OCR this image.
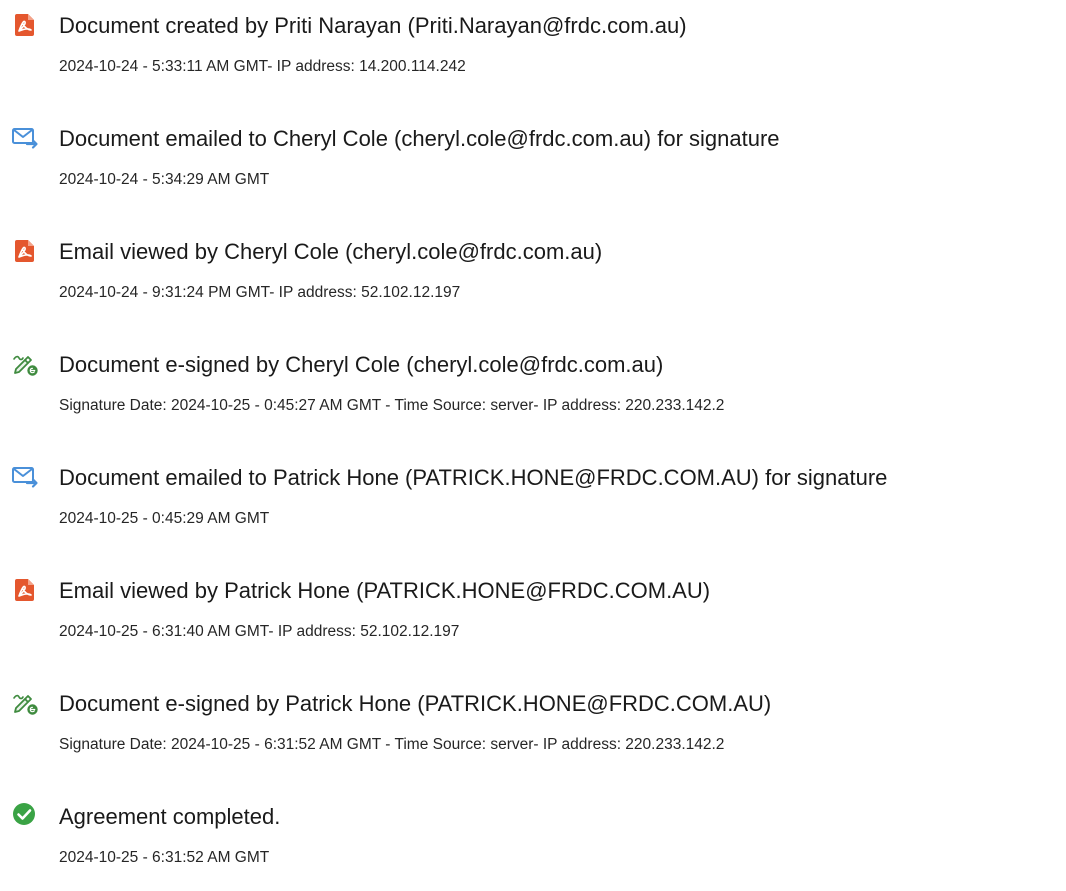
Document created by Priti Narayan (Priti.Narayan@frdc.com.au)
2024-10-24 - 5:33:11 AM GMT- IP address: 14.200.114.242
Document emailed to Cheryl Cole (cheryl.cole@frdc.com.au) for signature
2024-10-24 - 5:34:29 AM GMT
Email viewed by Cheryl Cole (cheryl.cole@frdc.com.au)
2024-10-24 - 9:31:24 PM GMT- IP address: 52.102.12.197
Document e-signed by Cheryl Cole (cheryl.cole@frdc.com.au)
Signature Date: 2024-10-25 - 0:45:27 AM GMT - Time Source: server- IP address: 220.233.142.2
Document emailed to Patrick Hone (PATRICK.HONE@FRDC.COM.AU) for signature
2024-10-25 - 0:45:29 AM GMT
Email viewed by Patrick Hone (PATRICK.HONE@FRDC.COM.AU)
2024-10-25 - 6:31:40 AM GMT- IP address: 52.102.12.197
Document e-signed by Patrick Hone (PATRICK.HONE@FRDC.COM.AU)
Signature Date: 2024-10-25 - 6:31:52 AM GMT - Time Source: server- IP address: 220.233.142.2
Agreement completed.
2024-10-25 - 6:31:52 AM GMT
